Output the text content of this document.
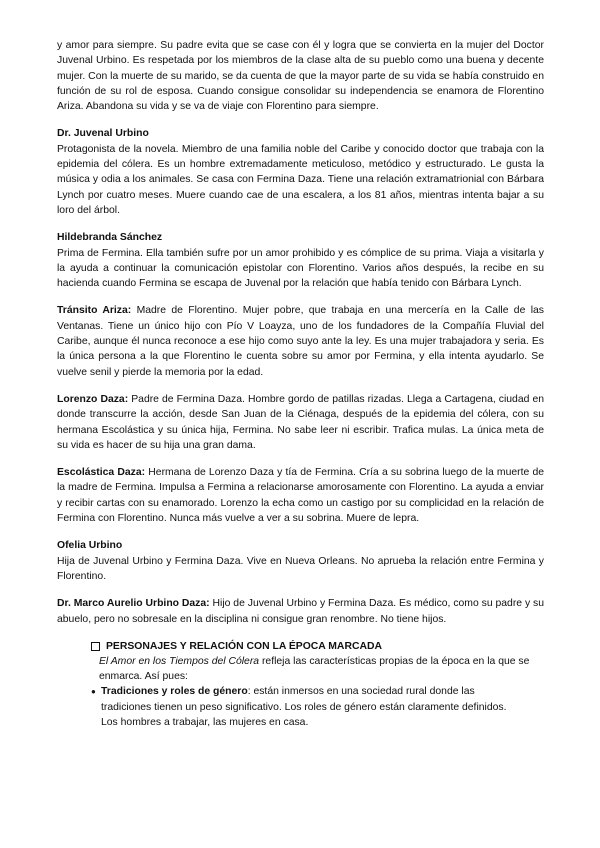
y amor para siempre. Su padre evita que se case con él y logra que se convierta en la mujer del Doctor Juvenal Urbino. Es respetada por los miembros de la clase alta de su pueblo como una buena y decente mujer. Con la muerte de su marido, se da cuenta de que la mayor parte de su vida se había construido en función de su rol de esposa. Cuando consigue consolidar su independencia se enamora de Florentino Ariza. Abandona su vida y se va de viaje con Florentino para siempre.

Dr. Juvenal Urbino

Protagonista de la novela. Miembro de una familia noble del Caribe y conocido doctor que trabaja con la epidemia del cólera. Es un hombre extremadamente meticuloso, metódico y estructurado. Le gusta la música y odia a los animales. Se casa con Fermina Daza. Tiene una relación extramatrionial con Bárbara Lynch por cuatro meses. Muere cuando cae de una escalera, a los 81 años, mientras intenta bajar a su loro del árbol.

Hildebranda Sánchez

Prima de Fermina. Ella también sufre por un amor prohibido y es cómplice de su prima. Viaja a visitarla y la ayuda a continuar la comunicación epistolar con Florentino. Varios años después, la recibe en su hacienda cuando Fermina se escapa de Juvenal por la relación que había tenido con Bárbara Lynch.

Tránsito Ariza: Madre de Florentino. Mujer pobre, que trabaja en una mercería en la Calle de las Ventanas. Tiene un único hijo con Pío V Loayza, uno de los fundadores de la Compañía Fluvial del Caribe, aunque él nunca reconoce a ese hijo como suyo ante la ley. Es una mujer trabajadora y seria. Es la única persona a la que Florentino le cuenta sobre su amor por Fermina, y ella intenta ayudarlo. Se vuelve senil y pierde la memoria por la edad.

Lorenzo Daza: Padre de Fermina Daza. Hombre gordo de patillas rizadas. Llega a Cartagena, ciudad en donde transcurre la acción, desde San Juan de la Ciénaga, después de la epidemia del cólera, con su hermana Escolástica y su única hija, Fermina. No sabe leer ni escribir. Trafica mulas. La única meta de su vida es hacer de su hija una gran dama.

Escolástica Daza: Hermana de Lorenzo Daza y tía de Fermina. Cría a su sobrina luego de la muerte de la madre de Fermina. Impulsa a Fermina a relacionarse amorosamente con Florentino. La ayuda a enviar y recibir cartas con su enamorado. Lorenzo la echa como un castigo por su complicidad en la relación de Fermina con Florentino. Nunca más vuelve a ver a su sobrina. Muere de lepra.

Ofelia Urbino

Hija de Juvenal Urbino y Fermina Daza. Vive en Nueva Orleans. No aprueba la relación entre Fermina y Florentino.

Dr. Marco Aurelio Urbino Daza: Hijo de Juvenal Urbino y Fermina Daza. Es médico, como su padre y su abuelo, pero no sobresale en la disciplina ni consigue gran renombre. No tiene hijos.

PERSONAJES Y RELACIÓN CON LA ÉPOCA MARCADA
El Amor en los Tiempos del Cólera refleja las características propias de la época en la que se enmarca. Así pues:
● Tradiciones y roles de género: están inmersos en una sociedad rural donde las tradiciones tienen un peso significativo. Los roles de género están claramente definidos. Los hombres a trabajar, las mujeres en casa.
